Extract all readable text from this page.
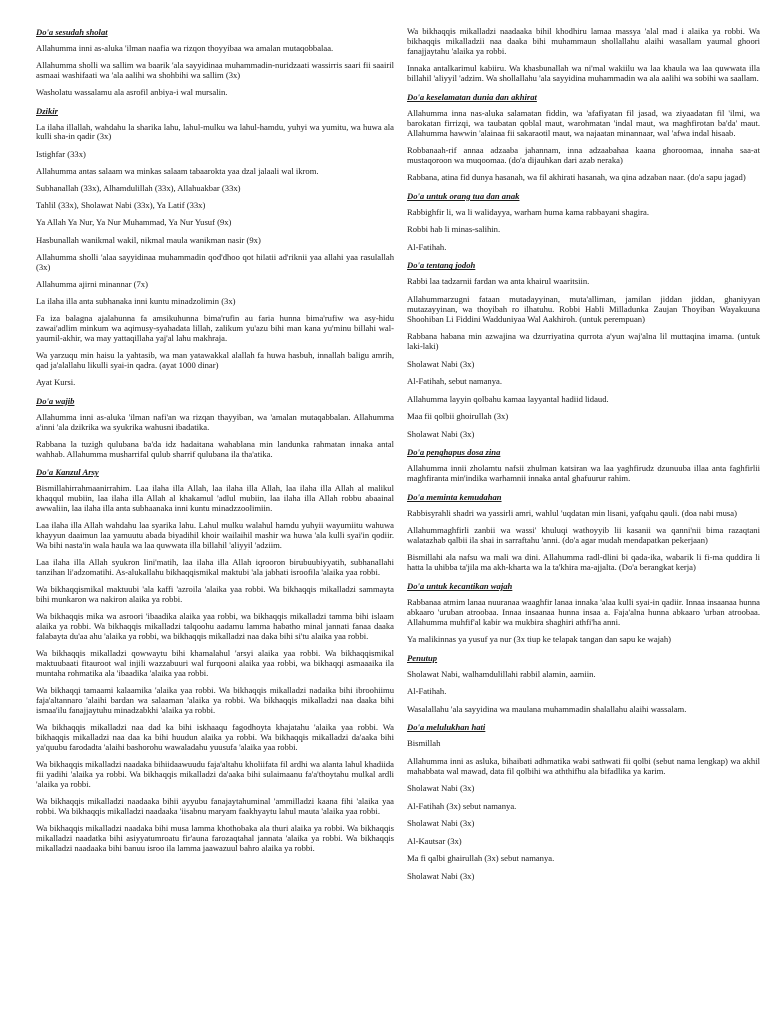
Do'a sesudah sholat
Allahumma inni as-aluka 'ilman naafia wa rizqon thoyyibaa wa amalan mutaqobbalaa.
Allahumma sholli wa sallim wa baarik 'ala sayyidinaa muhammadin-nuridzaati wassirris saari fii saairil asmaai washifaati wa 'ala aalihi wa shohbihi wa sallim (3x)
Washolatu wassalamu ala asrofil anbiya-i wal mursalin.
Dzikir
La ilaha illallah, wahdahu la sharika lahu, lahul-mulku wa lahul-hamdu, yuhyi wa yumitu, wa huwa ala kulli sha-in qadir (3x)
Istighfar (33x)
Allahumma antas salaam wa minkas salaam tabaarokta yaa dzal jalaali wal ikrom.
Subhanallah (33x), Alhamdulillah (33x), Allahuakbar (33x)
Tahlil (33x), Sholawat Nabi (33x), Ya Latif (33x)
Ya Allah Ya Nur, Ya Nur Muhammad, Ya Nur Yusuf (9x)
Hasbunallah wanikmal wakil, nikmal maula wanikman nasir (9x)
Allahumma sholli 'alaa sayyidinaa muhammadin qod'dhoo qot hilatii ad'riknii yaa allahi yaa rasulallah (3x)
Allahumma ajirni minannar (7x)
La ilaha illa anta subhanaka inni kuntu minadzolimin (3x)
Fa iza balagna ajalahunna fa amsikuhunna bima'rufin au faria hunna bima'rufiw wa asy-hidu zawai'adlim minkum wa aqimusy-syahadata lillah, zalikum yu'azu bihi man kana yu'minu billahi wal-yaumil-akhir, wa may yattaqillaha yaj'al lahu makhraja.
Wa yarzuqu min haisu la yahtasib, wa man yatawakkal alallah fa huwa hasbuh, innallah baligu amrih, qad ja'alallahu likulli syai-in qadra. (ayat 1000 dinar)
Ayat Kursi.
Do'a wajib
Allahumma inni as-aluka 'ilman nafi'an wa rizqan thayyiban, wa 'amalan mutaqabbalan. Allahumma a'inni 'ala dzikrika wa syukrika wahusni ibadatika.
Rabbana la tuzigh qulubana ba'da idz hadaitana wahablana min landunka rahmatan innaka antal wahhab. Allahumma musharrifal qulub sharrif qulubana ila tha'atika.
Do'a Kanzul Arsy
Bismillahirrahmaanirrahim. Laa ilaha illa Allah, laa ilaha illa Allah, laa ilaha illa Allah al malikul khaqqul mubiin, laa ilaha illa Allah al khakamul 'adlul mubiin, laa ilaha illa Allah robbu abaainal awwaliin, laa ilaha illa anta subhaanaka inni kuntu minadzzoolimiin.
Laa ilaha illa Allah wahdahu laa syarika lahu. Lahul mulku walahul hamdu yuhyii wayumiitu wahuwa khayyun daaimun laa yamuutu abada biyadihil khoir wailaihil mashir wa huwa 'ala kulli syai'in qodiir. Wa bihi nasta'in wala haula wa laa quwwata illa billahil 'aliyyil 'adziim.
Laa ilaha illa Allah syukron lini'matih, laa ilaha illa Allah iqrooron birubuubiyyatih, subhanallahi tanzihan li'adzomatihi. As-alukallahu bikhaqqismikal maktubi 'ala jabhati isroofila 'alaika yaa robbi.
Wa bikhaqqismikal maktuubi 'ala kaffi 'azroila 'alaika yaa robbi. Wa bikhaqqis mikalladzi sammayta bihi munkaron wa nakiron alaika ya robbi.
Wa bikhaqqis mika wa asroori 'ibaadika alaika yaa robbi, wa bikhaqqis mikalladzi tamma bihi islaam alaika ya robbi. Wa bikhaqqis mikalladzi talqoohu aadamu lamma habatho minal jannati fanaa daaka falabayta du'aa ahu 'alaika ya robbi, wa bikhaqqis mikalladzi naa daka bihi si'tu alaika yaa robbi.
Wa bikhaqqis mikalladzi qowwaytu bihi khamalahul 'arsyi alaika yaa robbi. Wa bikhaqqismikal maktuubaati fitauroot wal injili wazzabuuri wal furqooni alaika yaa robbi, wa bikhaqqi asmaaaika ila muntaha rohmatika ala 'ibaadika 'alaika yaa robbi.
Wa bikhaqqi tamaami kalaamika 'alaika yaa robbi. Wa bikhaqqis mikalladzi nadaika bihi ibroohiimu faja'altannaro 'alaihi bardan wa salaaman 'alaika ya robbi. Wa bikhaqqis mikalladzi naa daaka bihi ismaa'ilu fanajjaytuhu minadzabkhi 'alaika ya robbi.
Wa bikhaqqis mikalladzi naa dad ka bihi iskhaaqu fagodhoyta khajatahu 'alaika yaa robbi. Wa bikhaqqis mikalladzi naa daa ka bihi huudun alaika ya robbi. Wa bikhaqqis mikalladzi da'aaka bihi ya'quubu farodadta 'alaihi bashorohu wawaladahu yuusufa 'alaika yaa robbi.
Wa bikhaqqis mikalladzi naadaka bihiidaawuudu faja'altahu kholiifata fil ardhi wa alanta lahul khadiida fii yadihi 'alaika ya robbi. Wa bikhaqqis mikalladzi da'aaka bihi sulaimaanu fa'a'thoytahu mulkal ardli 'alaika ya robbi.
Wa bikhaqqis mikalladzi naadaaka bihii ayyubu fanajaytahuminal 'ammilladzi kaana fihi 'alaika yaa robbi. Wa bikhaqqis mikalladzi naadaaka 'iisabnu maryam faakhyaytu lahul mauta 'alaika yaa robbi.
Wa bikhaqqis mikalladzi naadaka bihi musa lamma khothobaka ala thuri alaika ya robbi. Wa bikhaqqis mikalladzi naadatka bihi asiyyatumroatu fir'auna farozaqtahal jannata 'alaika ya robbi. Wa bikhaqqis mikalladzi naadaaka bihi banuu isroo ila lamma jaawazuul bahro alaika ya robbi.
Wa bikhaqqis mikalladzi naadaaka bihil khodhiru lamaa massya 'alal mad i alaika ya robbi. Wa bikhaqqis mikalladzii naa daaka bihi muhammaun shollallahu alaihi wasallam yaumal ghoori fanajjaytahu 'alaika ya robbi.
Innaka antalkarimul kabiiru. Wa khasbunallah wa ni'mal wakiilu wa laa khaula wa laa quwwata illa billahil 'aliyyil 'adzim. Wa shollallahu 'ala sayyidina muhammadin wa ala aalihi wa sobihi wa saallam.
Do'a keselamatan dunia dan akhirat
Allahumma inna nas-aluka salamatan fiddin, wa 'afafiyatan fil jasad, wa ziyaadatan fil 'ilmi, wa barokatan firrizqi, wa taubatan qoblal maut, warohmatan 'indal maut, wa maghfirotan ba'da' maut. Allahumma hawwin 'alainaa fii sakaraotil maut, wa najaatan minannaar, wal 'afwa indal hisaab.
Robbanaah-rif annaa adzaaba jahannam, inna adzaabahaa kaana ghoroomaa, innaha saa-at mustaqoroon wa muqoomaa. (do'a dijauhkan dari azab neraka)
Rabbana, atina fid dunya hasanah, wa fil akhirati hasanah, wa qina adzaban naar. (do'a sapu jagad)
Do'a untuk orang tua dan anak
Rabbighfir li, wa li walidayya, warham huma kama rabbayani shagira.
Robbi hab li minas-salihin.
Al-Fatihah.
Do'a tentang jodoh
Rabbi laa tadzarnii fardan wa anta khairul waaritsiin.
Allahummarzugni fataan mutadayyinan, muta'alliman, jamilan jiddan jiddan, ghaniyyan mutazayyinan, wa thoyibah ro ilhatuhu. Robbi Habli Milladunka Zaujan Thoyiban Wayakuuna Shoohiban Li Fiddini Wadduniyaa Wal Aakhiroh. (untuk perempuan)
Rabbana habana min azwajina wa dzurriyatina qurrota a'yun waj'alna lil muttaqina imama. (untuk laki-laki)
Sholawat Nabi (3x)
Al-Fatihah, sebut namanya.
Allahumma layyin qolbahu kamaa layyantal hadiid lidaud.
Maa fii qolbii ghoirullah (3x)
Sholawat Nabi (3x)
Do'a penghapus dosa zina
Allahumma innii zholamtu nafsii zhulman katsiran wa laa yaghfirudz dzunuuba illaa anta faghfirlii maghfiranta min'indika warhamnii innaka antal ghafuurur rahim.
Do'a meminta kemudahan
Rabbisyrahli shadri wa yassirli amri, wahlul 'uqdatan min lisani, yafqahu qauli. (doa nabi musa)
Allahummaghfirli zanbii wa wassi' khuluqi wathoyyib lii kasanii wa qanni'nii bima razaqtani walatazhab qalbii ila shai in sarraftahu 'anni. (do'a agar mudah mendapatkan pekerjaan)
Bismillahi ala nafsu wa mali wa dini. Allahumma radl-dlini bi qada-ika, wabarik li fi-ma quddira li hatta la uhibba ta'jila ma akh-kharta wa la ta'khira ma-ajjalta. (Do'a berangkat kerja)
Do'a untuk kecantikan wajah
Rabbanaa atmim lanaa nuuranaa waaghfir lanaa innaka 'alaa kulli syai-in qadiir. Innaa insaanaa hunna abkaaro 'uruban atroobaa. Innaa insaanaa hunna insaa a. Faja'alna hunna abkaaro 'urban atroobaa. Allahumma muhfif'al kabir wa mukbira shaghiri athfi'ha anni.
Ya malikinnas ya yusuf ya nur (3x tiup ke telapak tangan dan sapu ke wajah)
Penutup
Sholawat Nabi, walhamdulillahi rabbil alamin, aamiin.
Al-Fatihah.
Wasalallahu 'ala sayyidina wa maulana muhammadin shalallahu alaihi wassalam.
Do'a melulukhan hati
Bismillah
Allahumma inni as asluka, bihaibati adhmatika wabi sathwati fii qolbi (sebut nama lengkap) wa akhil mahabbata wal mawad, data fil qolbihi wa aththifhu ala bifadlika ya karim.
Sholawat Nabi (3x)
Al-Fatihah (3x) sebut namanya.
Sholawat Nabi (3x)
Al-Kautsar (3x)
Ma fi qalbi ghairullah (3x) sebut namanya.
Sholawat Nabi (3x)
